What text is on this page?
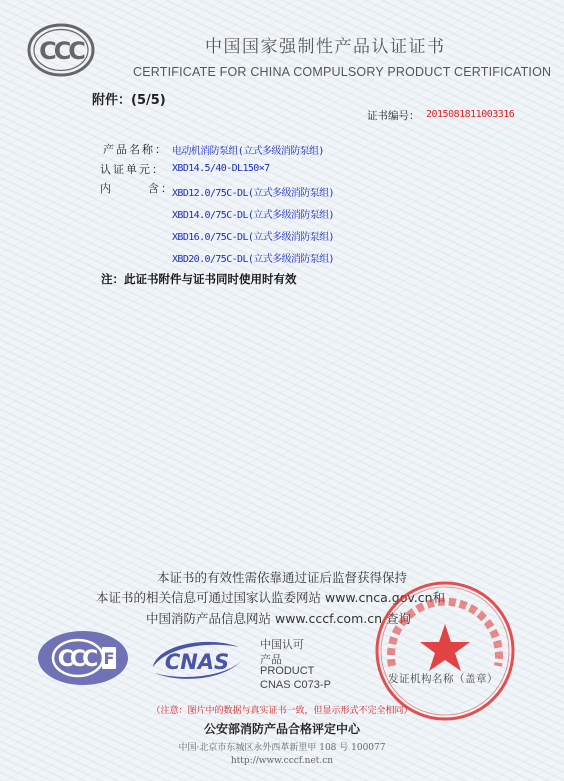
CCC	中国国家强制性产品认证证书
CERTIFICATE FOR CHINA COMPULSORY PRODUCT CERTIFICATION
附件：(5/5)
证书编号： 2015081811003316
产品名称： 电动机消防泵组(立式多级消防泵组)
认证单元： XBD14.5/40-DL150×7
内	含：
XBD12.0/75C-DL(立式多级消防泵组)
XBD14.0/75C-DL(立式多级消防泵组)
XBD16.0/75C-DL(立式多级消防泵组)
XBD20.0/75C-DL(立式多级消防泵组)
注：此证书附件与证书同时使用时有效
本证书的有效性需依靠通过证后监督获得保持
本证书的相关信息可通过国家认监委网站 www.cnca.gov.cn和
中国消防产品信息网站 www.cccf.com.cn 查询
CCC F CNAS
中国认可
产品
PRODUCT
CNAS C073-P	发证机构名称（盖章）
（注意：图片中的数据与真实证书一致，但显示形式不完全相同）
公安部消防产品合格评定中心
中国·北京市东城区永外西革新里甲 108 号 100077
http://www.cccf.net.cn
